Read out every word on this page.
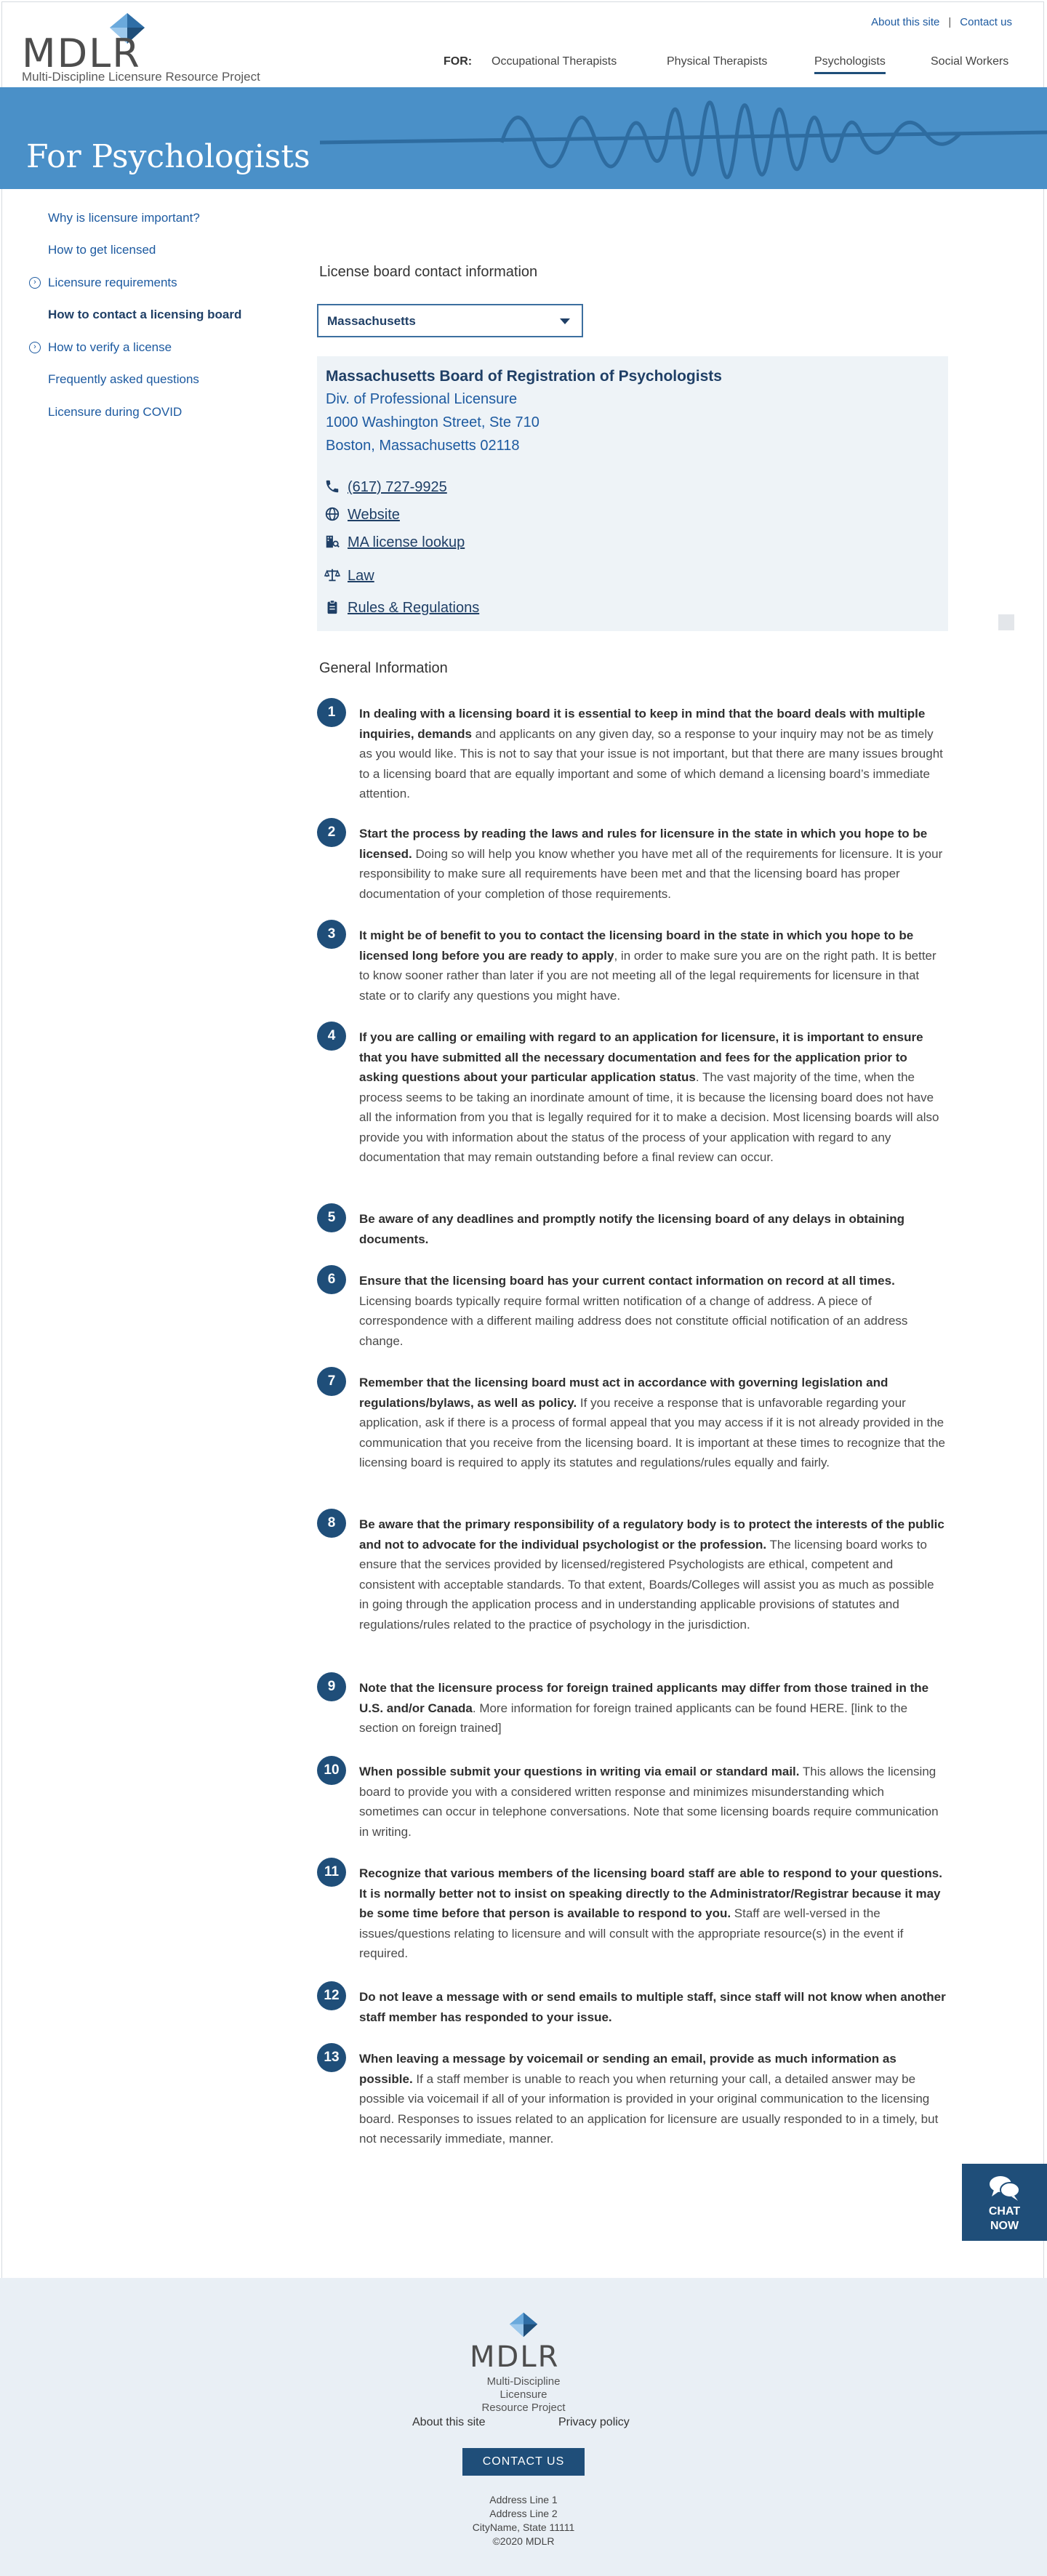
MDLR
Multi-Discipline Licensure Resource Project
About this site | Contact us
FOR: Occupational Therapists	Physical Therapists	Psychologists	Social Workers
For Psychologists
Why is licensure important?
How to get licensed
› Licensure requirements
How to contact a licensing board
› How to verify a license
Frequently asked questions
Licensure during COVID
License board contact information
Massachusetts
Massachusetts Board of Registration of Psychologists
Div. of Professional Licensure
1000 Washington Street, Ste 710
Boston, Massachusetts 02118
(617) 727-9925
Website
MA license lookup
Law
Rules & Regulations
General Information
1	In dealing with a licensing board it is essential to keep in mind that the board deals with multiple inquiries, demands and applicants on any given day, so a response to your inquiry may not be as timely as you would like. This is not to say that your issue is not important, but that there are many issues brought to a licensing board that are equally important and some of which demand a licensing board’s immediate attention.
2	Start the process by reading the laws and rules for licensure in the state in which you hope to be licensed. Doing so will help you know whether you have met all of the requirements for licensure. It is your responsibility to make sure all requirements have been met and that the licensing board has proper documentation of your completion of those requirements.
3	It might be of benefit to you to contact the licensing board in the state in which you hope to be licensed long before you are ready to apply, in order to make sure you are on the right path. It is better to know sooner rather than later if you are not meeting all of the legal requirements for licensure in that state or to clarify any questions you might have.
4	If you are calling or emailing with regard to an application for licensure, it is important to ensure that you have submitted all the necessary documentation and fees for the application prior to asking questions about your particular application status. The vast majority of the time, when the process seems to be taking an inordinate amount of time, it is because the licensing board does not have all the information from you that is legally required for it to make a decision. Most licensing boards will also provide you with information about the status of the process of your application with regard to any documentation that may remain outstanding before a final review can occur.
5	Be aware of any deadlines and promptly notify the licensing board of any delays in obtaining documents.
6	Ensure that the licensing board has your current contact information on record at all times. Licensing boards typically require formal written notification of a change of address. A piece of correspondence with a different mailing address does not constitute official notification of an address change.
7	Remember that the licensing board must act in accordance with governing legislation and regulations/bylaws, as well as policy. If you receive a response that is unfavorable regarding your application, ask if there is a process of formal appeal that you may access if it is not already provided in the communication that you receive from the licensing board. It is important at these times to recognize that the licensing board is required to apply its statutes and regulations/rules equally and fairly.
8	Be aware that the primary responsibility of a regulatory body is to protect the interests of the public and not to advocate for the individual psychologist or the profession. The licensing board works to ensure that the services provided by licensed/registered Psychologists are ethical, competent and consistent with acceptable standards. To that extent, Boards/Colleges will assist you as much as possible in going through the application process and in understanding applicable provisions of statutes and regulations/rules related to the practice of psychology in the jurisdiction.
9	Note that the licensure process for foreign trained applicants may differ from those trained in the U.S. and/or Canada. More information for foreign trained applicants can be found HERE. [link to the section on foreign trained]
10	When possible submit your questions in writing via email or standard mail. This allows the licensing board to provide you with a considered written response and minimizes misunderstanding which sometimes can occur in telephone conversations. Note that some licensing boards require communication in writing.
11	Recognize that various members of the licensing board staff are able to respond to your questions. It is normally better not to insist on speaking directly to the Administrator/Registrar because it may be some time before that person is available to respond to you. Staff are well-versed in the issues/questions relating to licensure and will consult with the appropriate resource(s) in the event if required.
12	Do not leave a message with or send emails to multiple staff, since staff will not know when another staff member has responded to your issue.
13	When leaving a message by voicemail or sending an email, provide as much information as possible. If a staff member is unable to reach you when returning your call, a detailed answer may be possible via voicemail if all of your information is provided in your original communication to the licensing board. Responses to issues related to an application for licensure are usually responded to in a timely, but not necessarily immediate, manner.
CHAT
NOW
MDLR
Multi-Discipline Licensure
Resource Project
About this site	Privacy policy
CONTACT US
Address Line 1
Address Line 2
CityName, State 11111
©2020 MDLR
